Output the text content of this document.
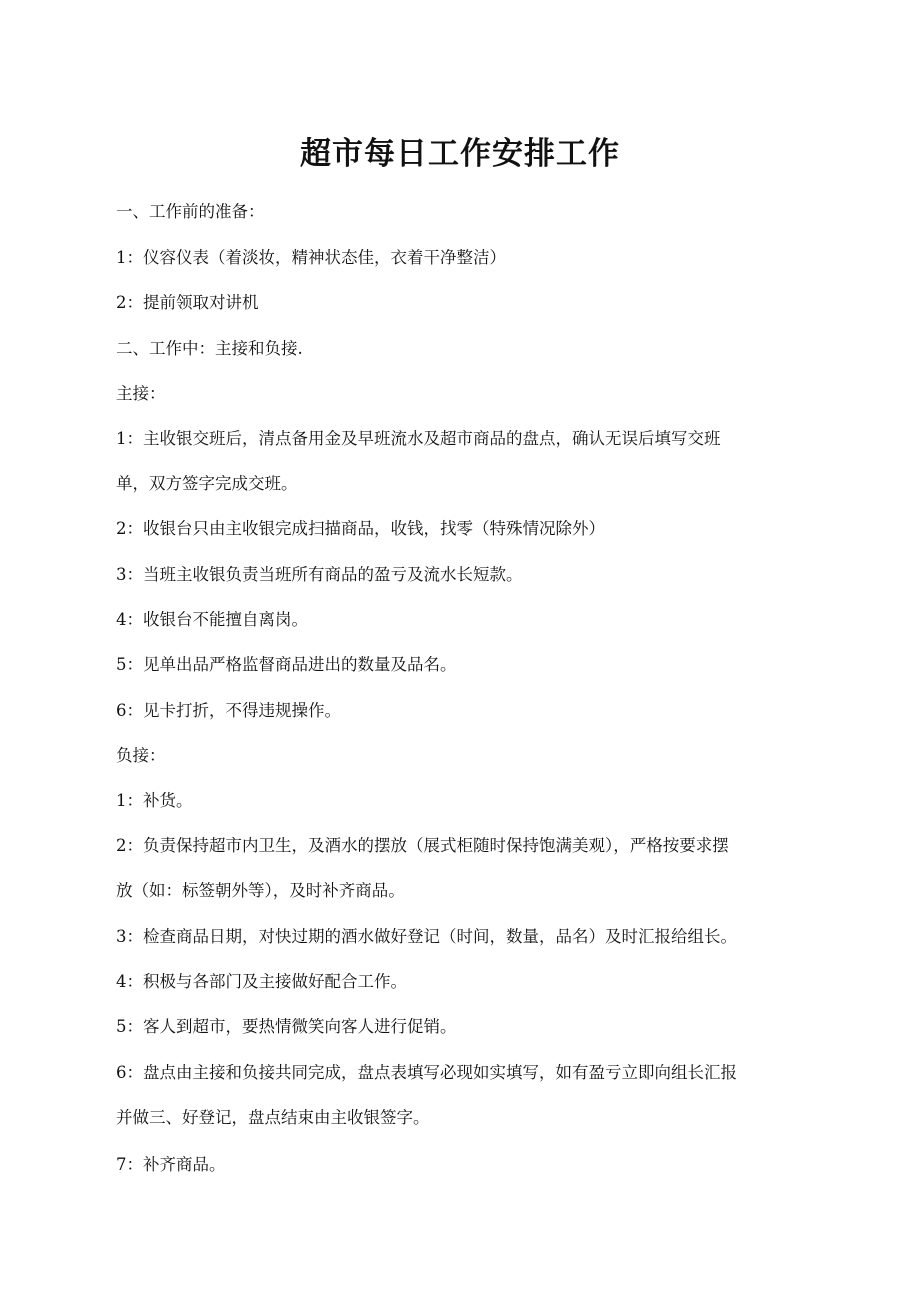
超市每日工作安排工作

一、工作前的准备：

1：仪容仪表（着淡妆，精神状态佳，衣着干净整洁）

2：提前领取对讲机

二、工作中：主接和负接.

主接：

1：主收银交班后，清点备用金及早班流水及超市商品的盘点，确认无误后填写交班

单，双方签字完成交班。

2：收银台只由主收银完成扫描商品，收钱，找零（特殊情况除外）

3：当班主收银负责当班所有商品的盈亏及流水长短款。

4：收银台不能擅自离岗。

5：见单出品严格监督商品进出的数量及品名。

6：见卡打折，不得违规操作。

负接：

1：补货。

2：负责保持超市内卫生，及酒水的摆放（展式柜随时保持饱满美观），严格按要求摆

放（如：标签朝外等），及时补齐商品。

3：检查商品日期，对快过期的酒水做好登记（时间，数量，品名）及时汇报给组长。

4：积极与各部门及主接做好配合工作。

5：客人到超市，要热情微笑向客人进行促销。

6：盘点由主接和负接共同完成，盘点表填写必现如实填写，如有盈亏立即向组长汇报

并做三、好登记，盘点结束由主收银签字。

7：补齐商品。
